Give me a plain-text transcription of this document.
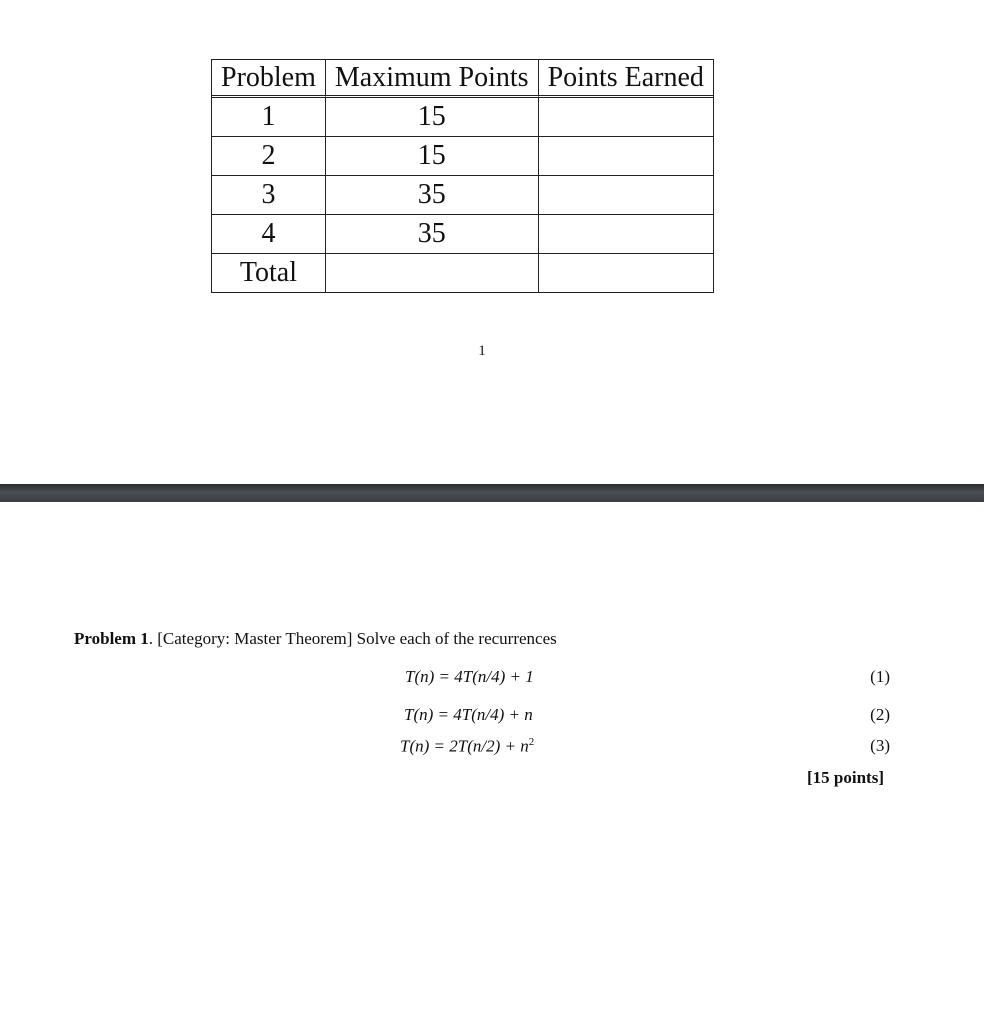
Problem	Maximum Points	Points Earned
1	15	
2	15	
3	35	
4	35	
Total		
1
Problem 1. [Category: Master Theorem] Solve each of the recurrences
T(n) = 4T(n/4) + 1	(1)
T(n) = 4T(n/4) + n	(2)
$T(n) = 2T(n/2) + n^2$	(3)
[15 points]
